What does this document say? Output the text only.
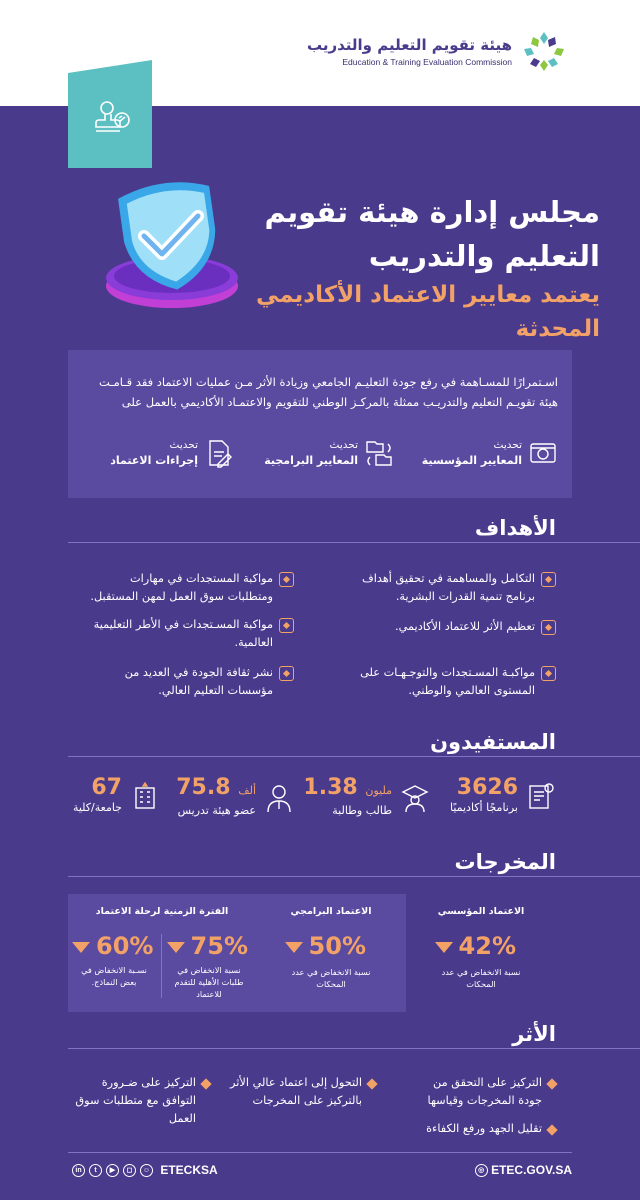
هيئة تقويم التعليم والتدريب
Education & Training Evaluation Commission
مجلس إدارة هيئة تقويم
التعليم والتدريب
يعتمد معايير الاعتماد الأكاديمي
المحدثة
اسـتمرارًا للمسـاهمة في رفع جودة التعليـم الجامعي وزيادة الأثر مـن عمليات الاعتماد فقد قـامـت هيئة تقويـم التعليم والتدريـب ممثلة بالمركـز الوطني للتقويم والاعتمـاد الأكاديمي بالعمل على
تحديث
المعايير المؤسسية
تحديث
المعايير البرامجية
تحديث
إجراءات الاعتماد
الأهداف
التكامل والمساهمة في تحقيق أهداف برنامج تنمية القدرات البشرية.
مواكبة المستجدات في مهارات ومتطلبات سوق العمل لمهن المستقبل.
تعظيم الأثر للاعتماد الأكاديمي.
مواكبة المسـتجدات في الأطر التعليمية العالمية.
مواكبـة المسـتجدات والتوجـهـات على المستوى العالمي والوطني.
نشر ثقافة الجودة في العديد من مؤسسات التعليم العالي.
المستفيدون
3626
برنامجًا أكاديميًا
مليون 1.38
طالب وطالبة
ألف 75.8
عضو هيئة تدريس
67
جامعة/كلية
المخرجات
الاعتماد المؤسسي
42%
نسبة الانخفاض في عدد المحكات
الاعتماد البرامجي
50%
نسبة الانخفاض في عدد المحكات
الفترة الزمنية لرحلة الاعتماد
75%
نسبة الانخفاض في طلبات الأهلية للتقدم للاعتماد
60%
نسـبة الانخفاض في بعض النماذج.
الأثر
التركيز على التحقق من جودة المخرجات وقياسها
التحول إلى اعتماد عالي الأثر بالتركيز على المخرجات
التركيز على ضـرورة التوافق مع متطلبات سوق العمل
تقليل الجهد ورفع الكفاءة
◎ ETEC.GOV.SA
in t ▶ ◻ ☺ ETECKSA
